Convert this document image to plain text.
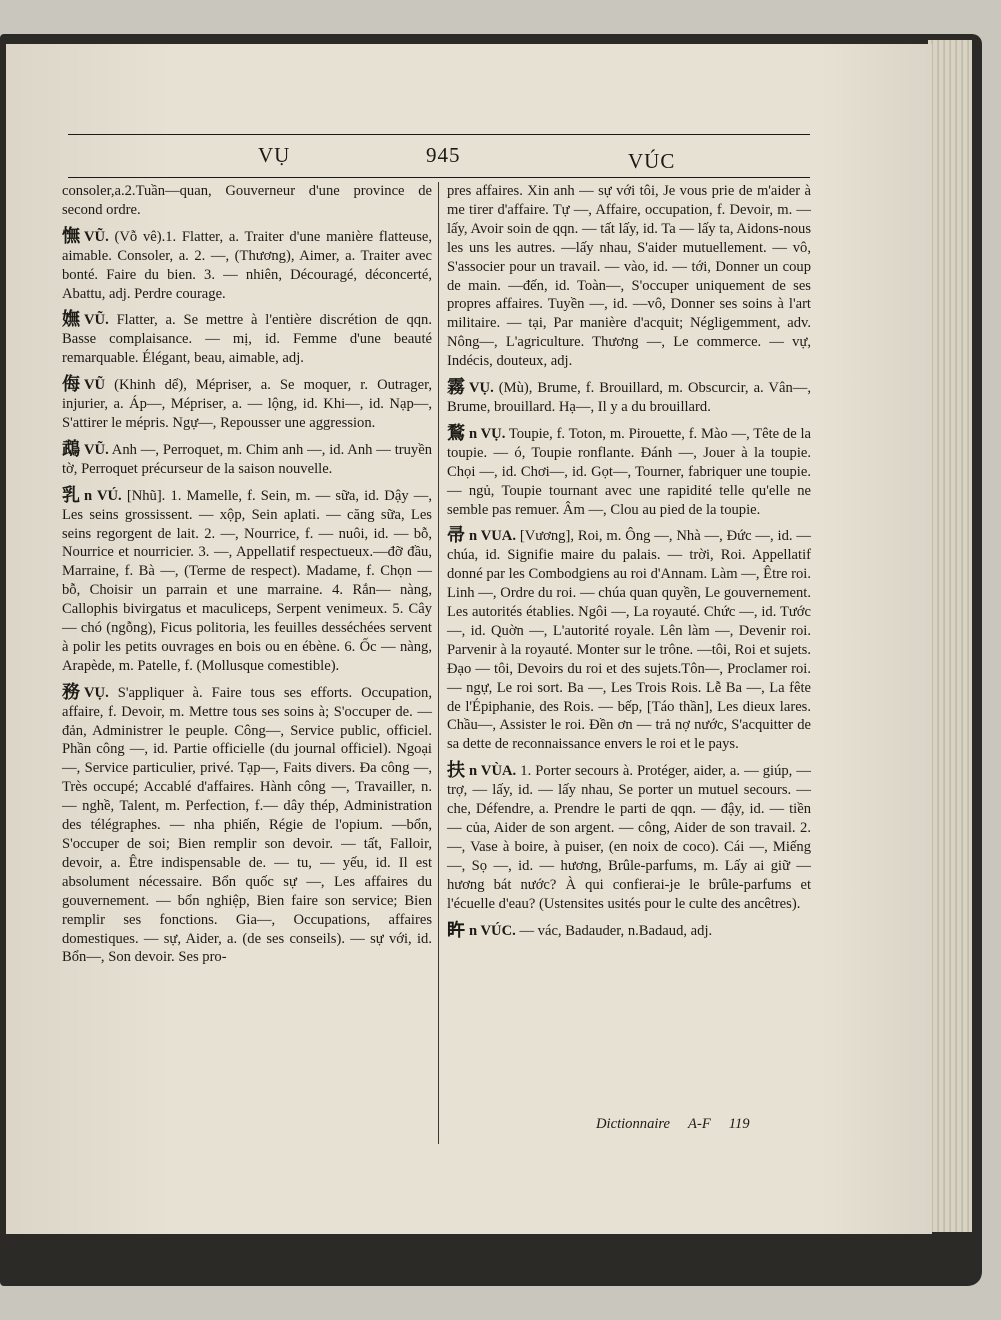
VỤ	945	VÚC

consoler,a.2.Tuần—quan, Gouverneur d'une province de second ordre.

憮 VŨ. (Vỗ vê).1. Flatter, a. Traiter d'une manière flatteuse, aimable. Consoler, a. 2. —, (Thương), Aimer, a. Traiter avec bonté. Faire du bien. 3. — nhiên, Découragé, déconcerté, Abattu, adj. Perdre courage.

嫵 VŨ. Flatter, a. Se mettre à l'entière discrétion de qqn. Basse complaisance. — mị, id. Femme d'une beauté remarquable. Élégant, beau, aimable, adj.

侮 VŨ (Khinh dể), Mépriser, a. Se moquer, r. Outrager, injurier, a. Áp—, Mépriser, a. — lộng, id. Khi—, id. Nạp—, S'attirer le mépris. Ngự—, Repousser une aggression.

鵡 VŨ. Anh —, Perroquet, m. Chim anh —, id. Anh — truyền tờ, Perroquet précurseur de la saison nouvelle.

乳 n VÚ. [Nhũ]. 1. Mamelle, f. Sein, m. — sữa, id. Dậy —, Les seins grossissent. — xộp, Sein aplati. — căng sữa, Les seins regorgent de lait. 2. —, Nourrice, f. — nuôi, id. — bỗ, Nourrice et nourricier. 3. —, Appellatif respectueux.—đỡ đầu, Marraine, f. Bà —, (Terme de respect). Madame, f. Chọn — bỗ, Choisir un parrain et une marraine. 4. Rắn— nàng, Callophis bivirgatus et maculiceps, Serpent venimeux. 5. Cây — chó (ngỗng), Ficus politoria, les feuilles desséchées servent à polir les petits ouvrages en bois ou en ébène. 6. Ốc — nàng, Arapède, m. Patelle, f. (Mollusque comestible).

務 VỤ. S'appliquer à. Faire tous ses efforts. Occupation, affaire, f. Devoir, m. Mettre tous ses soins à; S'occuper de. —đản, Administrer le peuple. Công—, Service public, officiel. Phần công —, id. Partie officielle (du journal officiel). Ngoại —, Service particulier, privé. Tạp—, Faits divers. Đa công —, Très occupé; Accablé d'affaires. Hành công —, Travailler, n. — nghề, Talent, m. Perfection, f.— dây thép, Administration des télégraphes. — nha phiến, Régie de l'opium. —bổn, S'occuper de soi; Bien remplir son devoir. — tất, Falloir, devoir, a. Être indispensable de. — tu, — yếu, id. Il est absolument nécessaire. Bổn quốc sự —, Les affaires du gouvernement. — bổn nghiệp, Bien faire son service; Bien remplir ses fonctions. Gia—, Occupations, affaires domestiques. — sự, Aider, a. (de ses conseils). — sự với, id. Bổn—, Son devoir. Ses pro-

pres affaires. Xin anh — sự với tôi, Je vous prie de m'aider à me tirer d'affaire. Tự —, Affaire, occupation, f. Devoir, m. — lấy, Avoir soin de qqn. — tất lấy, id. Ta — lấy ta, Aidons-nous les uns les autres. —lấy nhau, S'aider mutuellement. — vô, S'associer pour un travail. — vào, id. — tới, Donner un coup de main. —đến, id. Toàn—, S'occuper uniquement de ses propres affaires. Tuyền —, id. —vô, Donner ses soins à l'art militaire. — tại, Par manière d'acquit; Négligemment, adv. Nông—, L'agriculture. Thương —, Le commerce. — vự, Indécis, douteux, adj.

霧 VỤ. (Mù), Brume, f. Brouillard, m. Obscurcir, a. Vân—, Brume, brouillard. Hạ—, Il y a du brouillard.

鶩 n VỤ. Toupie, f. Toton, m. Pirouette, f. Mào —, Tête de la toupie. — ó, Toupie ronflante. Đánh —, Jouer à la toupie. Chọi —, id. Chơi—, id. Gọt—, Tourner, fabriquer une toupie. — ngủ, Toupie tournant avec une rapidité telle qu'elle ne semble pas remuer. Âm —, Clou au pied de la toupie.

帚 n VUA. [Vương], Roi, m. Ông —, Nhà —, Đức —, id. — chúa, id. Signifie maire du palais. — trời, Roi. Appellatif donné par les Combodgiens au roi d'Annam. Làm —, Être roi. Linh —, Ordre du roi. — chúa quan quyền, Le gouvernement. Les autorités établies. Ngôi —, La royauté. Chức —, id. Tước—, id. Quờn —, L'autorité royale. Lên làm —, Devenir roi. Parvenir à la royauté. Monter sur le trône. —tôi, Roi et sujets. Đạo — tôi, Devoirs du roi et des sujets.Tôn—, Proclamer roi. — ngự, Le roi sort. Ba —, Les Trois Rois. Lễ Ba —, La fête de l'Épiphanie, des Rois. — bếp, [Táo thần], Les dieux lares. Chầu—, Assister le roi. Đền ơn — trả nợ nước, S'acquitter de sa dette de reconnaissance envers le roi et le pays.

扶 n VÙA. 1. Porter secours à. Protéger, aider, a. — giúp, — trợ, — lấy, id. — lấy nhau, Se porter un mutuel secours. — che, Défendre, a. Prendre le parti de qqn. — đậy, id. — tiền — của, Aider de son argent. — công, Aider de son travail. 2. —, Vase à boire, à puiser, (en noix de coco). Cái —, Miếng —, Sọ —, id. — hương, Brûle-parfums, m. Lấy ai giữ — hương bát nước? À qui confierai-je le brûle-parfums et l'écuelle d'eau? (Ustensites usités pour le culte des ancêtres).

𥄭 n VÚC. — vác, Badauder, n.Badaud, adj.

Dictionnaire A-F 119
